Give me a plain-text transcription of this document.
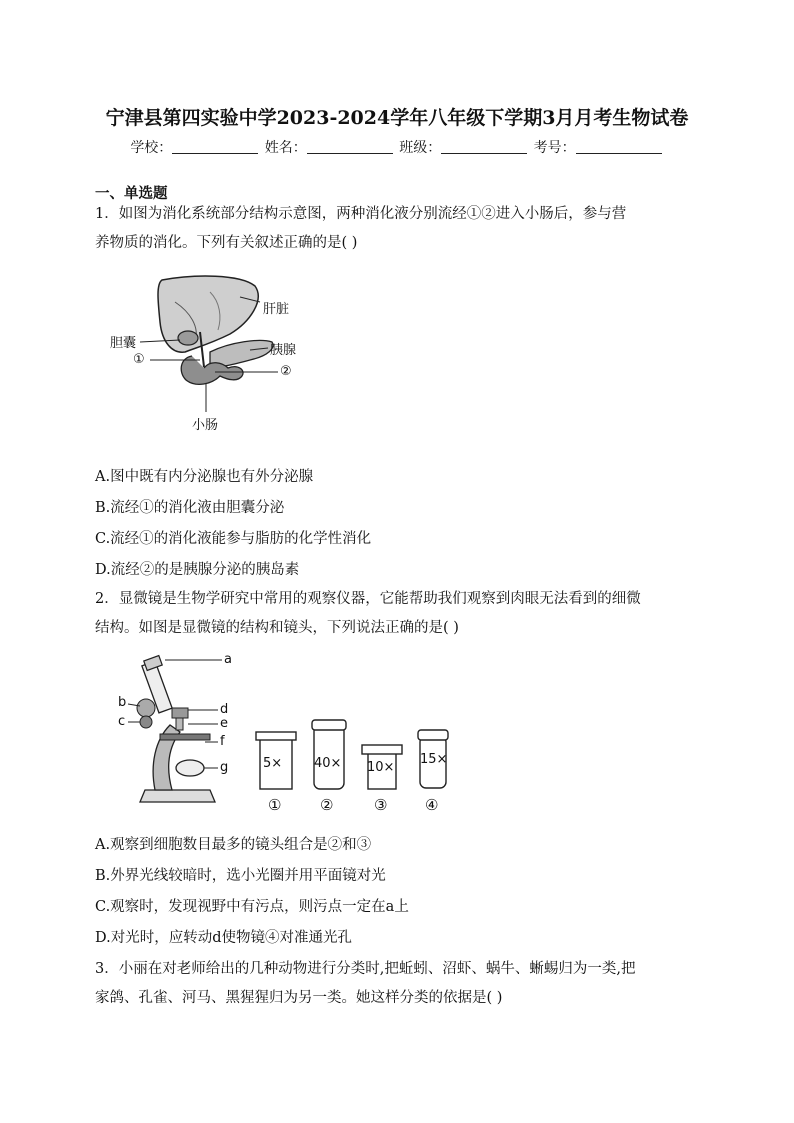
宁津县第四实验中学2023-2024学年八年级下学期3月月考生物试卷
学校：	姓名：	班级：	考号：
一、单选题
1．如图为消化系统部分结构示意图，两种消化液分别流经①②进入小肠后，参与营
养物质的消化。下列有关叙述正确的是( )
肝脏
胆囊	胰腺
①
②
小肠
A.图中既有内分泌腺也有外分泌腺
B.流经①的消化液由胆囊分泌
C.流经①的消化液能参与脂肪的化学性消化
D.流经②的是胰腺分泌的胰岛素
2．显微镜是生物学研究中常用的观察仪器，它能帮助我们观察到肉眼无法看到的细微
结构。如图是显微镜的结构和镜头，下列说法正确的是( )
a
b
c
d
e
f
g	5× 40× 10×
15×
①	②	③	④
A.观察到细胞数目最多的镜头组合是②和③
B.外界光线较暗时，选小光圈并用平面镜对光
C.观察时，发现视野中有污点，则污点一定在a上
D.对光时，应转动d使物镜④对准通光孔
3．小丽在对老师给出的几种动物进行分类时,把蚯蚓、沼虾、蜗牛、蜥蜴归为一类,把
家鸽、孔雀、河马、黑猩猩归为另一类。她这样分类的依据是( )
